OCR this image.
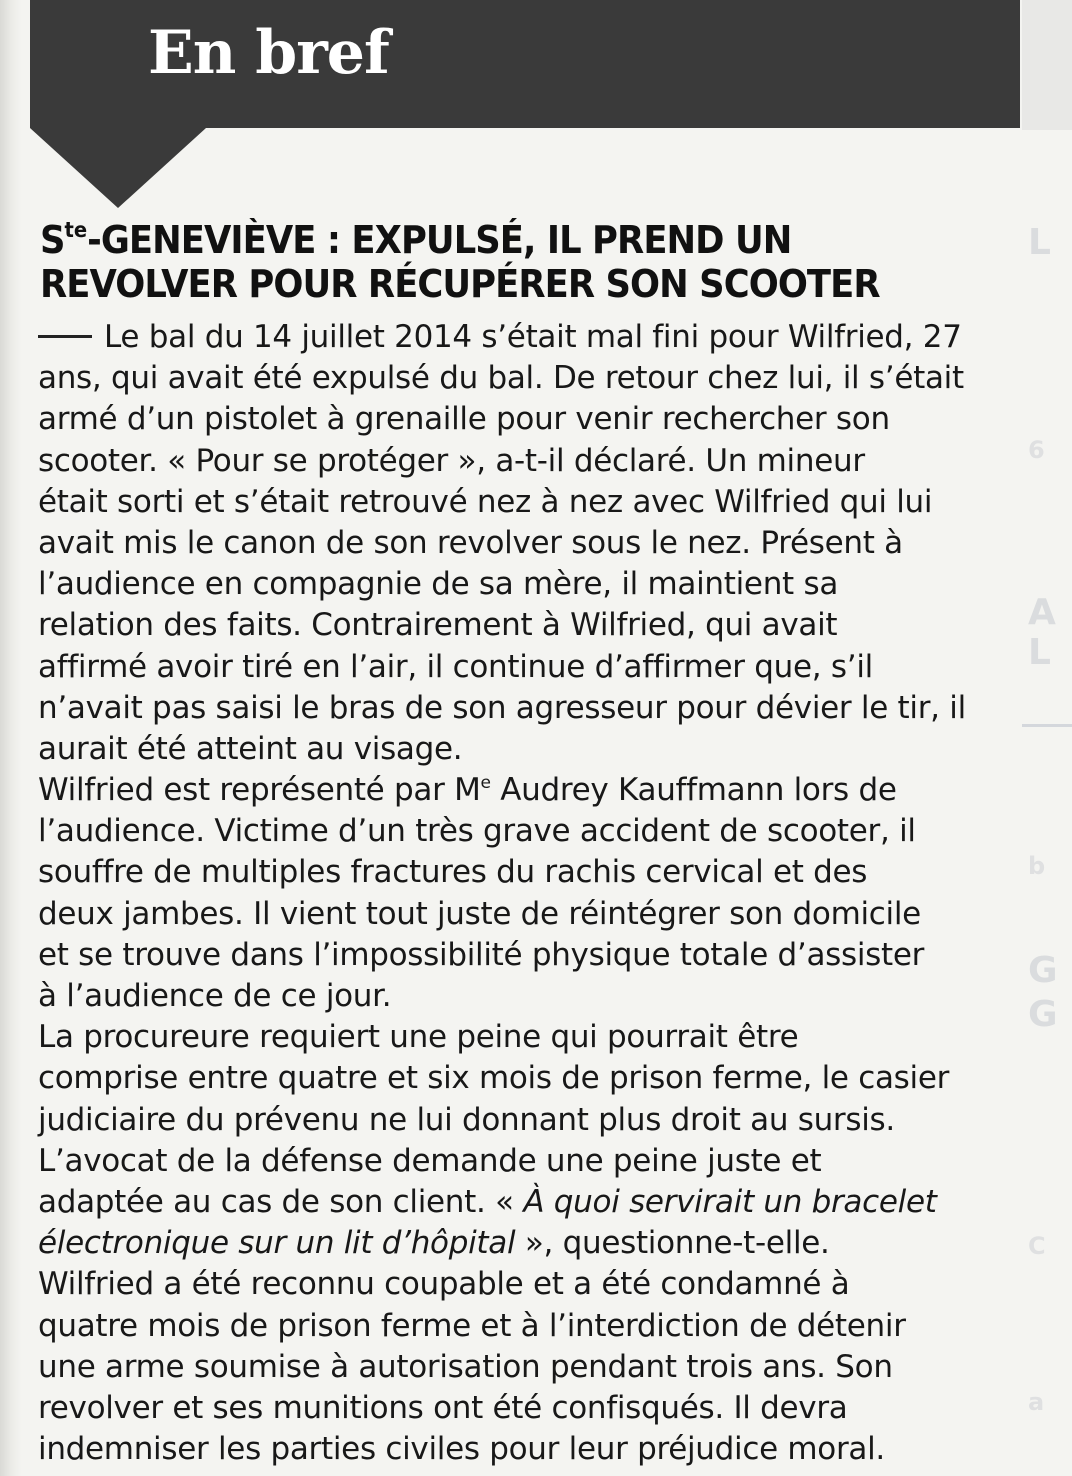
L
6
A
L
b
G
G
C
a
En bref
$S^{te}$-GENEVIÈVE : EXPULSÉ, IL PREND UN
REVOLVER POUR RÉCUPÉRER SON SCOOTER
Le bal du 14 juillet 2014 s’était mal fini pour Wilfried, 27
ans, qui avait été expulsé du bal. De retour chez lui, il s’était
armé d’un pistolet à grenaille pour venir rechercher son
scooter. « Pour se protéger », a-t-il déclaré. Un mineur
était sorti et s’était retrouvé nez à nez avec Wilfried qui lui
avait mis le canon de son revolver sous le nez. Présent à
l’audience en compagnie de sa mère, il maintient sa
relation des faits. Contrairement à Wilfried, qui avait
affirmé avoir tiré en l’air, il continue d’affirmer que, s’il
n’avait pas saisi le bras de son agresseur pour dévier le tir, il
aurait été atteint au visage.
Wilfried est représenté par Me Audrey Kauffmann lors de
l’audience. Victime d’un très grave accident de scooter, il
souffre de multiples fractures du rachis cervical et des
deux jambes. Il vient tout juste de réintégrer son domicile
et se trouve dans l’impossibilité physique totale d’assister
à l’audience de ce jour.
La procureure requiert une peine qui pourrait être
comprise entre quatre et six mois de prison ferme, le casier
judiciaire du prévenu ne lui donnant plus droit au sursis.
L’avocat de la défense demande une peine juste et
adaptée au cas de son client. « À quoi servirait un bracelet
électronique sur un lit d’hôpital », questionne-t-elle.
Wilfried a été reconnu coupable et a été condamné à
quatre mois de prison ferme et à l’interdiction de détenir
une arme soumise à autorisation pendant trois ans. Son
revolver et ses munitions ont été confisqués. Il devra
indemniser les parties civiles pour leur préjudice moral.
